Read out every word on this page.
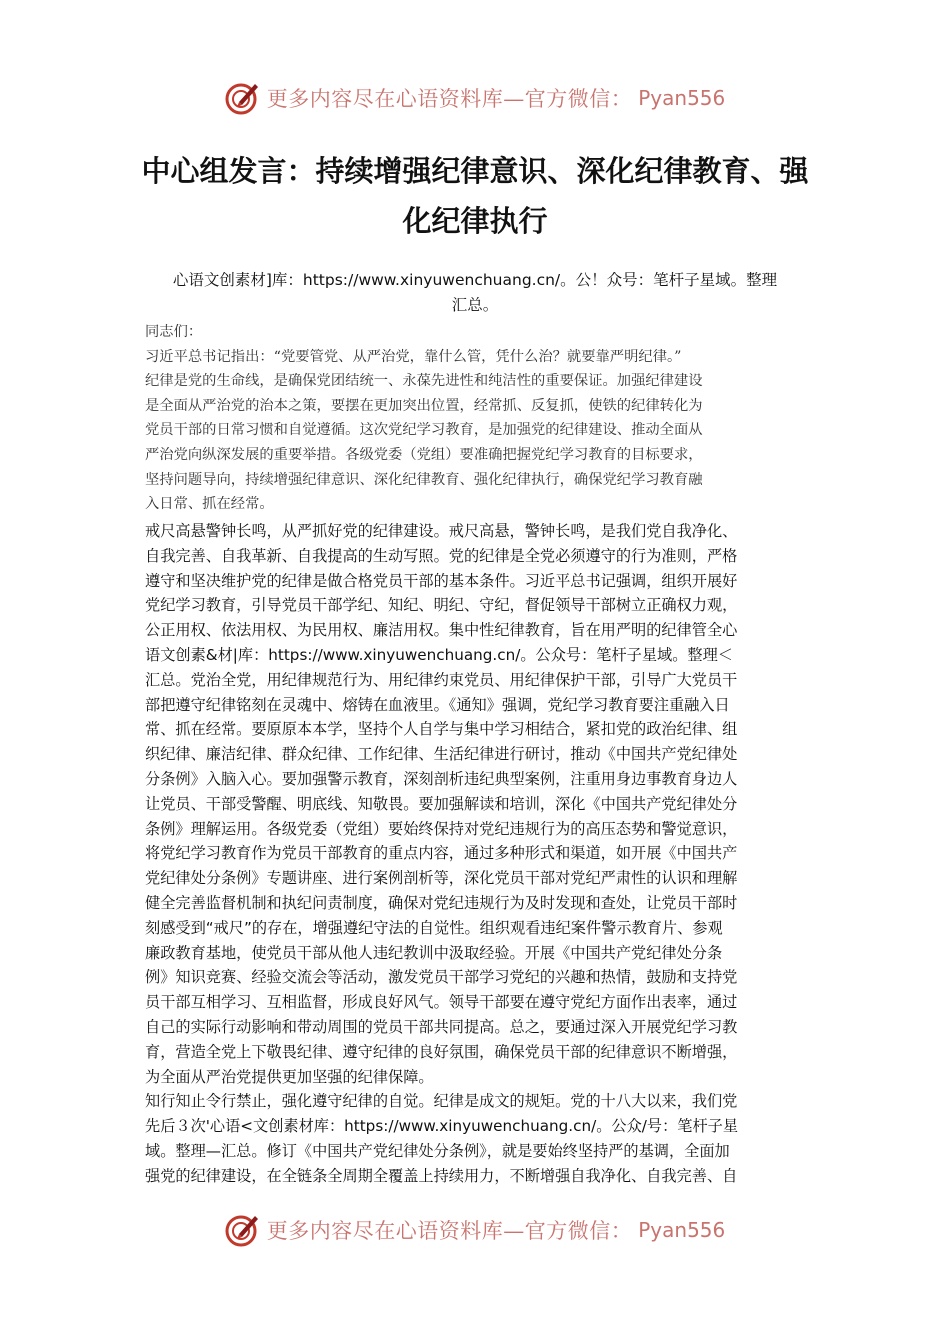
更多内容尽在心语资料库—官方微信： Pyan556
中心组发言：持续增强纪律意识、深化纪律教育、强
化纪律执行
心语文创素材]库：https://www.xinyuwenchuang.cn/。公！众号：笔杆子星域。整理
汇总。
同志们：
习近平总书记指出：“党要管党、从严治党，靠什么管，凭什么治？就要靠严明纪律。”
纪律是党的生命线，是确保党团结统一、永葆先进性和纯洁性的重要保证。加强纪律建设
是全面从严治党的治本之策，要摆在更加突出位置，经常抓、反复抓，使铁的纪律转化为
党员干部的日常习惯和自觉遵循。这次党纪学习教育，是加强党的纪律建设、推动全面从
严治党向纵深发展的重要举措。各级党委（党组）要准确把握党纪学习教育的目标要求，
坚持问题导向，持续增强纪律意识、深化纪律教育、强化纪律执行，确保党纪学习教育融
入日常、抓在经常。
戒尺高悬警钟长鸣，从严抓好党的纪律建设。戒尺高悬，警钟长鸣，是我们党自我净化、
自我完善、自我革新、自我提高的生动写照。党的纪律是全党必须遵守的行为准则，严格
遵守和坚决维护党的纪律是做合格党员干部的基本条件。习近平总书记强调，组织开展好
党纪学习教育，引导党员干部学纪、知纪、明纪、守纪，督促领导干部树立正确权力观，
公正用权、依法用权、为民用权、廉洁用权。集中性纪律教育，旨在用严明的纪律管全心
语文创素&材|库：https://www.xinyuwenchuang.cn/。公众号：笔杆子星域。整理＜
汇总。党治全党，用纪律规范行为、用纪律约束党员、用纪律保护干部，引导广大党员干
部把遵守纪律铭刻在灵魂中、熔铸在血液里。《通知》强调，党纪学习教育要注重融入日
常、抓在经常。要原原本本学，坚持个人自学与集中学习相结合，紧扣党的政治纪律、组
织纪律、廉洁纪律、群众纪律、工作纪律、生活纪律进行研讨，推动《中国共产党纪律处
分条例》入脑入心。要加强警示教育，深刻剖析违纪典型案例，注重用身边事教育身边人
让党员、干部受警醒、明底线、知敬畏。要加强解读和培训，深化《中国共产党纪律处分
条例》理解运用。各级党委（党组）要始终保持对党纪违规行为的高压态势和警觉意识，
将党纪学习教育作为党员干部教育的重点内容，通过多种形式和渠道，如开展《中国共产
党纪律处分条例》专题讲座、进行案例剖析等，深化党员干部对党纪严肃性的认识和理解
健全完善监督机制和执纪问责制度，确保对党纪违规行为及时发现和查处，让党员干部时
刻感受到“戒尺”的存在，增强遵纪守法的自觉性。组织观看违纪案件警示教育片、参观
廉政教育基地，使党员干部从他人违纪教训中汲取经验。开展《中国共产党纪律处分条
例》知识竞赛、经验交流会等活动，激发党员干部学习党纪的兴趣和热情，鼓励和支持党
员干部互相学习、互相监督，形成良好风气。领导干部要在遵守党纪方面作出表率，通过
自己的实际行动影响和带动周围的党员干部共同提高。总之，要通过深入开展党纪学习教
育，营造全党上下敬畏纪律、遵守纪律的良好氛围，确保党员干部的纪律意识不断增强，
为全面从严治党提供更加坚强的纪律保障。
知行知止令行禁止，强化遵守纪律的自觉。纪律是成文的规矩。党的十八大以来，我们党
先后３次'心语<文创素材库：https://www.xinyuwenchuang.cn/。公众/号：笔杆子星
域。整理—汇总。修订《中国共产党纪律处分条例》，就是要始终坚持严的基调，全面加
强党的纪律建设，在全链条全周期全覆盖上持续用力，不断增强自我净化、自我完善、自
更多内容尽在心语资料库—官方微信： Pyan556
